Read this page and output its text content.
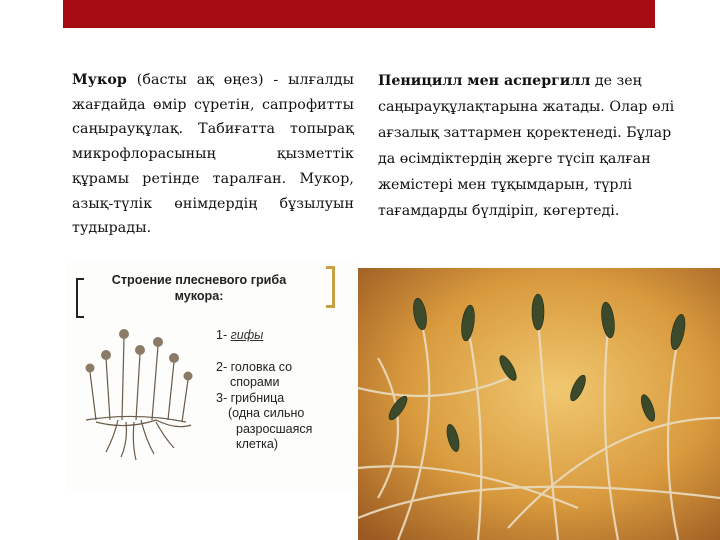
Мукор (басты ақ өңез) - ылғалды жағдайда өмір сүретін, сапрофитты саңырауқұлақ. Табиғатта топырақ микрофлорасының қызметтік құрамы ретінде таралған. Мукор, азық-түлік өнімдердің бұзылуын тудырады.
Пеницилл мен аспергилл де зең саңырауқұлақтарына жатады. Олар өлі ағзалық заттармен қоректенеді. Бұлар да өсімдіктердің жерге түсіп қалған жемістері мен тұқымдарын, түрлі тағамдарды бүлдіріп, көгертеді.
Строение плесневого гриба мукора:
1- гифы
2- головка со
спорами
3- грибница
(одна сильно
разросшаяся
клетка)
